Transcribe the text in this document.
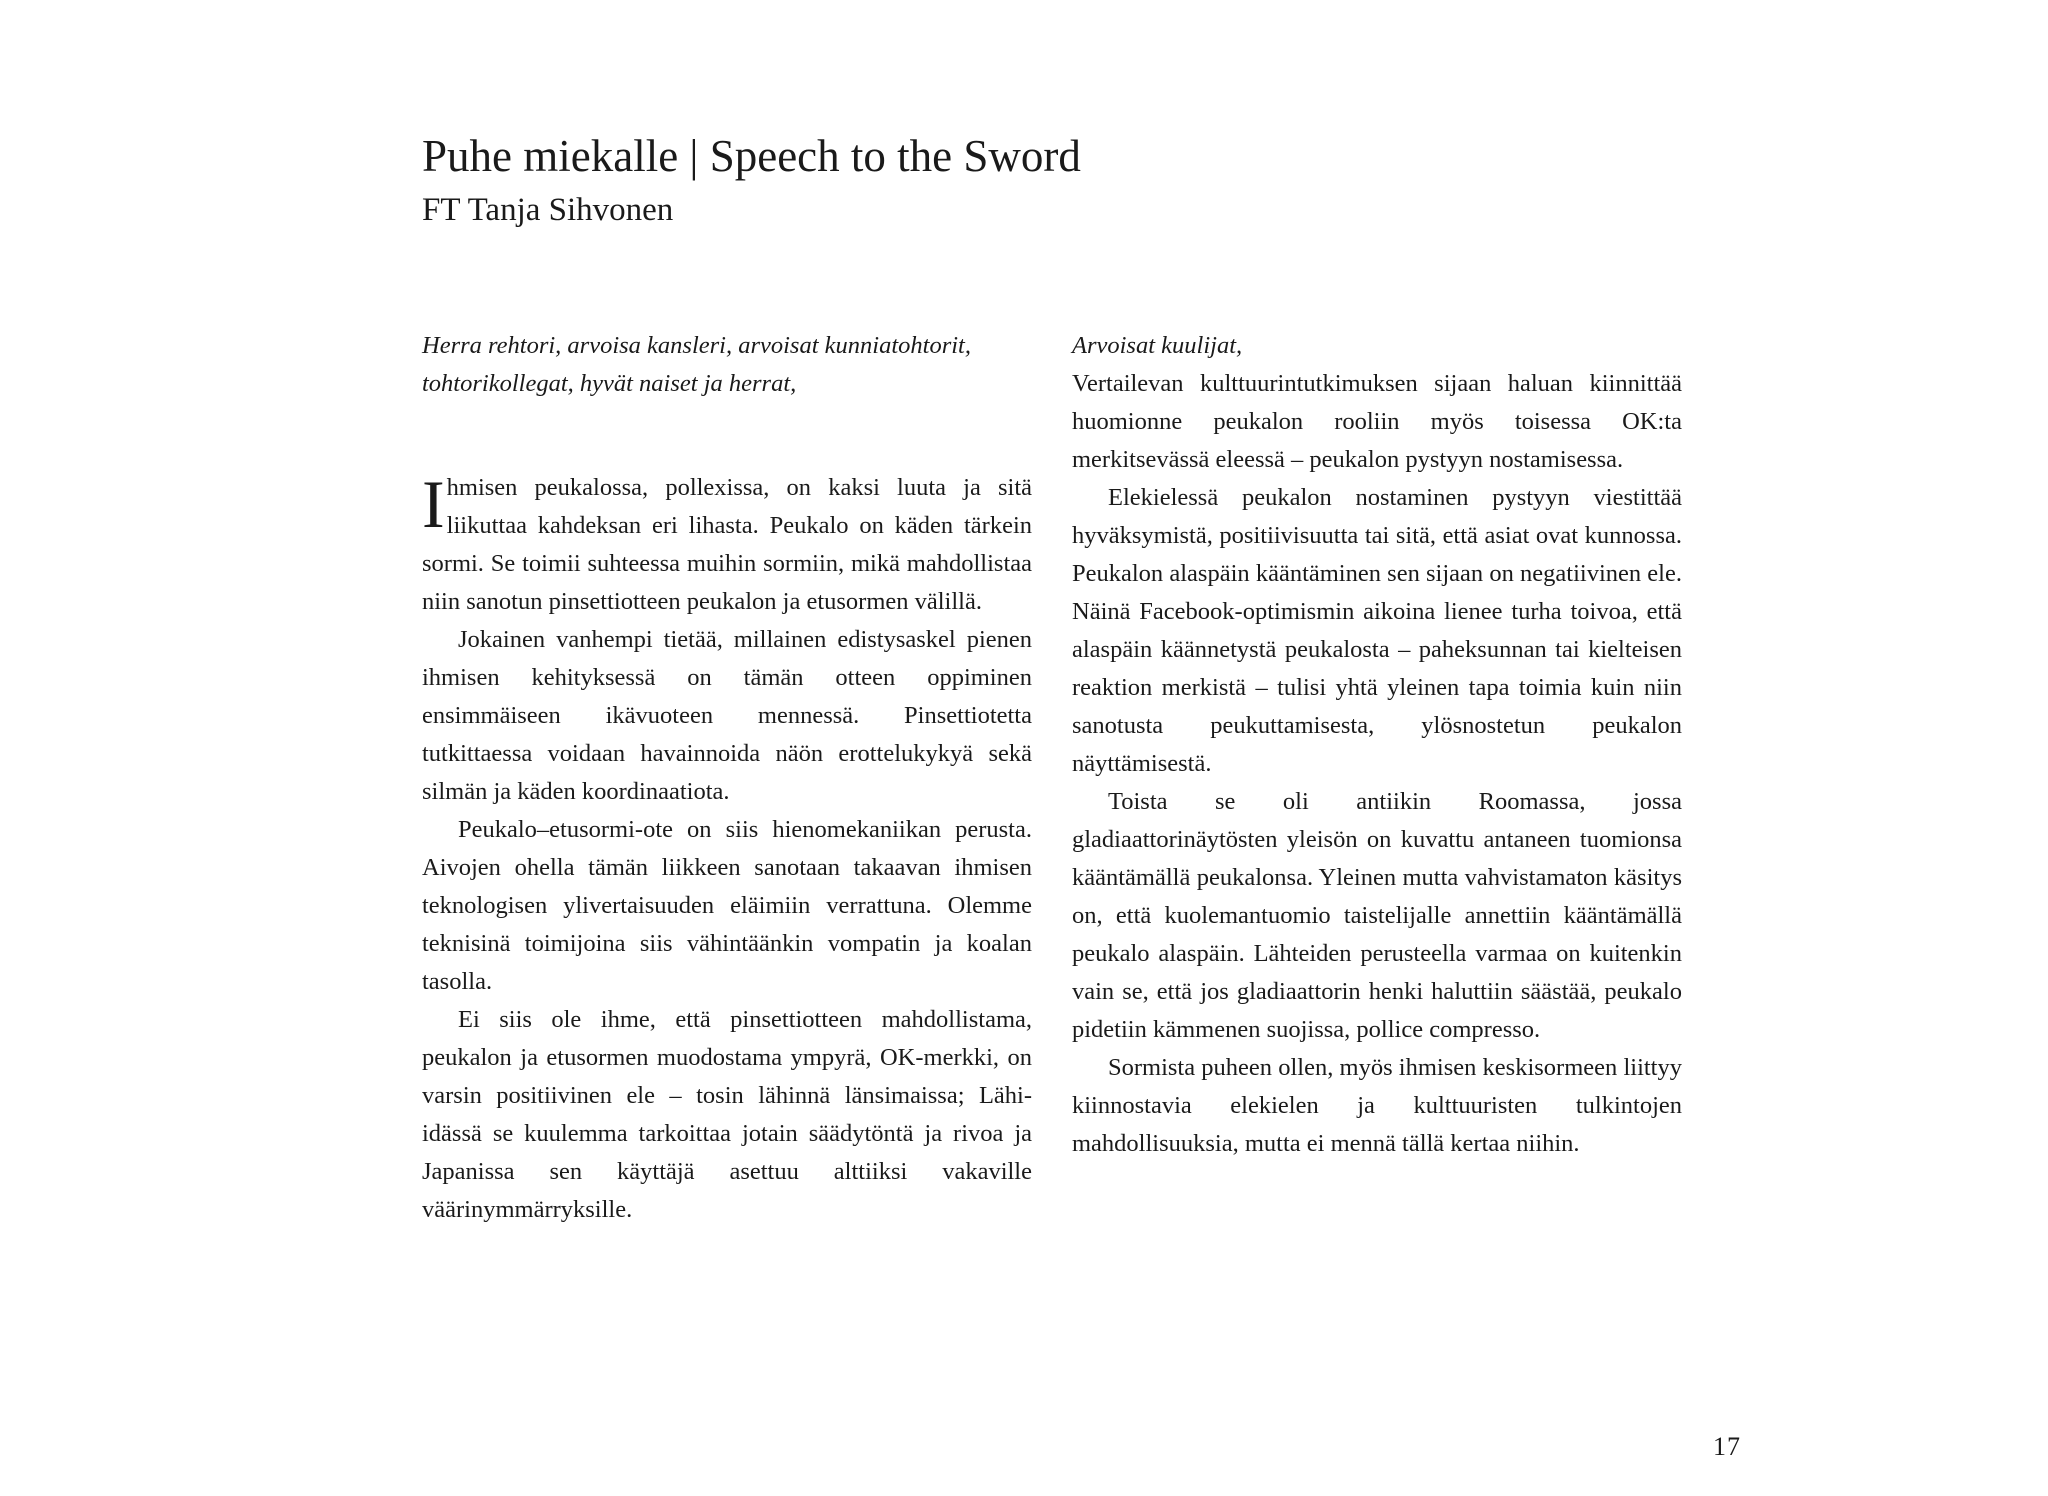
Puhe miekalle | Speech to the Sword
FT Tanja Sihvonen

Herra rehtori, arvoisa kansleri, arvoisat kunniatohtorit, tohtorikollegat, hyvät naiset ja herrat,

Ihmisen peukalossa, pollexissa, on kaksi luuta ja sitä liikuttaa kahdeksan eri lihasta. Peukalo on käden tärkein sormi. Se toimii suhteessa muihin sormiin, mikä mahdollistaa niin sanotun pinsettiotteen peukalon ja etusormen välillä.

Jokainen vanhempi tietää, millainen edistysaskel pienen ihmisen kehityksessä on tämän otteen oppiminen ensimmäiseen ikävuoteen mennessä. Pinsettiotetta tutkittaessa voidaan havainnoida näön erottelukykyä sekä silmän ja käden koordinaatiota.

Peukalo–etusormi-ote on siis hienomekaniikan perusta. Aivojen ohella tämän liikkeen sanotaan takaavan ihmisen teknologisen ylivertaisuuden eläimiin verrattuna. Olemme teknisinä toimijoina siis vähintäänkin vompatin ja koalan tasolla.

Ei siis ole ihme, että pinsettiotteen mahdollistama, peukalon ja etusormen muodostama ympyrä, OK-merkki, on varsin positiivinen ele – tosin lähinnä länsimaissa; Lähi-idässä se kuulemma tarkoittaa jotain säädytöntä ja rivoa ja Japanissa sen käyttäjä asettuu alttiiksi vakaville väärinymmärryksille.

Arvoisat kuulijat,

Vertailevan kulttuurintutkimuksen sijaan haluan kiinnittää huomionne peukalon rooliin myös toisessa OK:ta merkitsevässä eleessä – peukalon pystyyn nostamisessa.

Elekielessä peukalon nostaminen pystyyn viestittää hyväksymistä, positiivisuutta tai sitä, että asiat ovat kunnossa. Peukalon alaspäin kääntäminen sen sijaan on negatiivinen ele. Näinä Facebook-optimismin aikoina lienee turha toivoa, että alaspäin käännetystä peukalosta – paheksunnan tai kielteisen reaktion merkistä – tulisi yhtä yleinen tapa toimia kuin niin sanotusta peukuttamisesta, ylösnostetun peukalon näyttämisestä.

Toista se oli antiikin Roomassa, jossa gladiaattorinäytösten yleisön on kuvattu antaneen tuomionsa kääntämällä peukalonsa. Yleinen mutta vahvistamaton käsitys on, että kuolemantuomio taistelijalle annettiin kääntämällä peukalo alaspäin. Lähteiden perusteella varmaa on kuitenkin vain se, että jos gladiaattorin henki haluttiin säästää, peukalo pidetiin kämmenen suojissa, pollice compresso.

Sormista puheen ollen, myös ihmisen keskisormeen liittyy kiinnostavia elekielen ja kulttuuristen tulkintojen mahdollisuuksia, mutta ei mennä tällä kertaa niihin.

17
